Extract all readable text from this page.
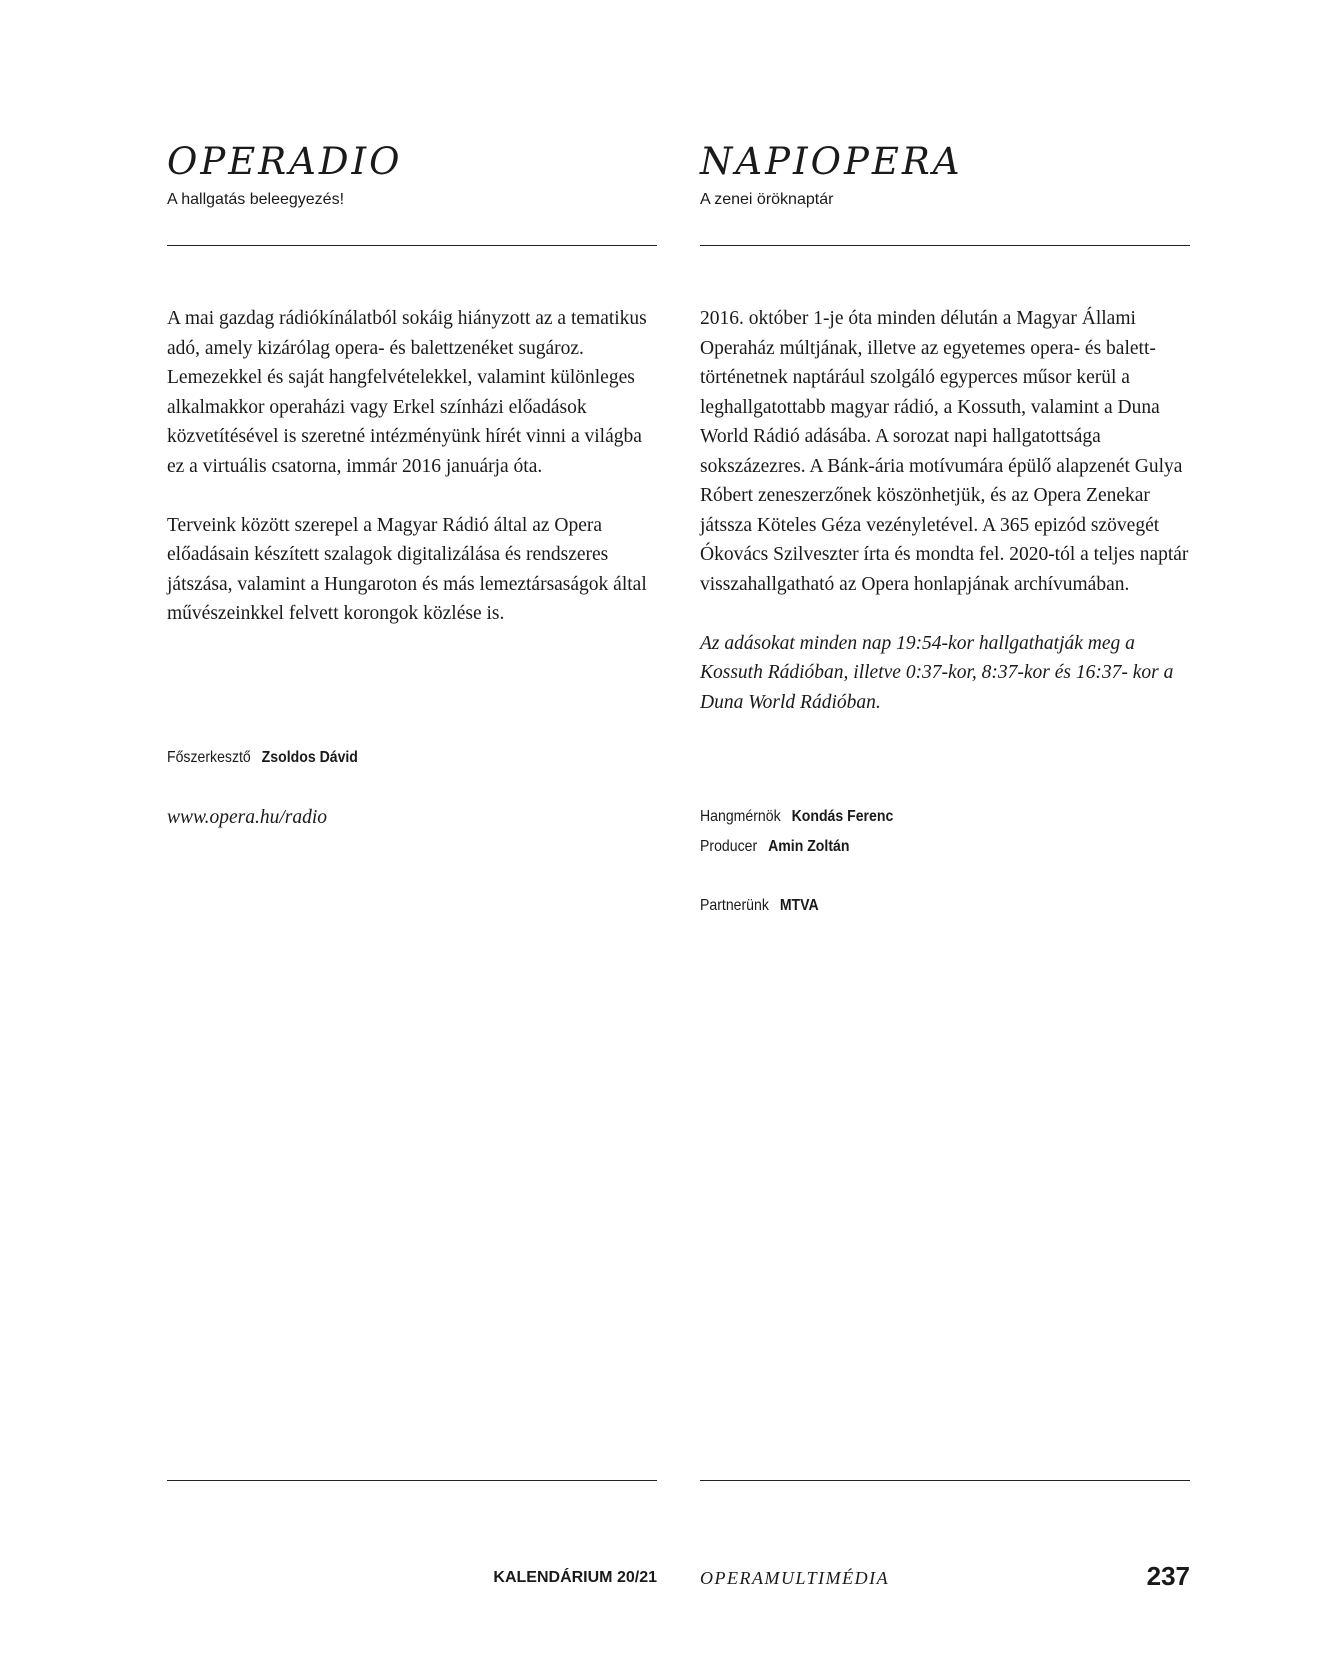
OPERADIO
A hallgatás beleegyezés!

A mai gazdag rádiókínálatból sokáig hiányzott az a tematikus adó, amely kizárólag opera- és balettzenéket sugároz. Lemezekkel és saját hangfelvételekkel, valamint különleges alkalmakkor operaházi vagy Erkel színházi előadások közvetítésével is szeretné intézményünk hírét vinni a világba ez a virtuális csatorna, immár 2016 januárja óta.

Terveink között szerepel a Magyar Rádió által az Opera előadásain készített szalagok digitalizálása és rendszeres játszása, valamint a Hungaroton és más lemeztársaságok által művészeinkkel felvett korongok közlése is.

Főszerkesztő Zsoldos Dávid
www.opera.hu/radio
NAPIOPERA
A zenei öröknaptár

2016. október 1-je óta minden délután a Magyar Állami Operaház múltjának, illetve az egyetemes opera- és balett-történetnek naptárául szolgáló egyperces műsor kerül a leghallgatottabb magyar rádió, a Kossuth, valamint a Duna World Rádió adásába. A sorozat napi hallgatottsága sokszázezres. A Bánk-ária motívumára épülő alapzenét Gulya Róbert zeneszerzőnek köszönhetjük, és az Opera Zenekar játssza Köteles Géza vezényletével. A 365 epizód szövegét Ókovács Szilveszter írta és mondta fel. 2020-tól a teljes naptár visszahallgatható az Opera honlapjának archívumában.

Az adásokat minden nap 19:54-kor hallgathatják meg a Kossuth Rádióban, illetve 0:37-kor, 8:37-kor és 16:37- kor a Duna World Rádióban.

Hangmérnök Kondás Ferenc
Producer Amin Zoltán
Partnerünk MTVA
KALENDÁRIUM 20/21 OPERAMULTIMÉDIA	237
